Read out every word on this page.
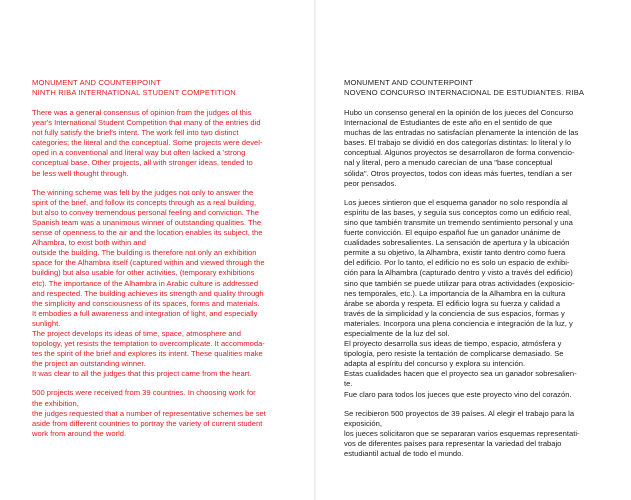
MONUMENT AND COUNTERPOINT

NINTH RIBA INTERNATIONAL STUDENT COMPETITION

There was a general consensus of opinion from the judges of this
year's International Student Competition that many of the entries did
not fully satisfy the brief's intent. The work fell into two distinct
categories; the literal and the conceptual. Some projects were devel-
oped in a conventional and literal way but often lacked a 'strong
conceptual base. Other projects, all with stronger ideas, tended to
be less well thought through.

The winning scheme was felt by the judges not only to answer the
spirit of the brief, and follow its concepts through as a real building,
but also to convey tremendous personal feeling and conviction. The
Spanish team was a unanimous winner of outstanding qualities. The
sense of openness to the air and the location enables its subject, the
Alhambra, to exist both within and
outside the building. The building is therefore not only an exhibition
space for the Alhambra itself (captured within and viewed through the
building) but also usable for other activities, (temporary exhibitions
etc). The importance of the Alhambra in Arabic culture is addressed
and respected. The building achieves its strength and quality through
the simplicity and consciousness of its spaces, forms and materials.
It embodies a full awareness and integration of light, and especially
sunlight.
The project develops its ideas of time, space, atmosphere and
topology, yet resists the temptation to overcomplicate. It accommoda-
tes the spirit of the brief and explores its intent. These qualities make
the project an outstanding winner.
It was clear to all the judges that this project came from the heart.

500 projects were received from 39 countries. In choosing work for
the exhibition,
the judges requested that a number of representative schemes be set
aside from different countries to portray the variety of current student
work from around the world.

MONUMENT AND COUNTERPOINT

NOVENO CONCURSO INTERNACIONAL DE ESTUDIANTES. RIBA

Hubo un consenso general en la opinión de los jueces del Concurso
Internacional de Estudiantes de este año en el sentido de que
muchas de las entradas no satisfacían plenamente la intención de las
bases. El trabajo se dividió en dos categorías distintas: lo literal y lo
conceptual. Algunos proyectos se desarrollaron de forma convencio-
nal y literal, pero a menudo carecían de una "base conceptual
sólida". Otros proyectos, todos con ideas más fuertes, tendían a ser
peor pensados.

Los jueces sintieron que el esquema ganador no solo respondía al
espíritu de las bases, y seguía sus conceptos como un edificio real,
sino que también transmite un tremendo sentimiento personal y una
fuerte convicción. El equipo español fue un ganador unánime de
cualidades sobresalientes. La sensación de apertura y la ubicación
permite a su objetivo, la Alhambra, existir tanto dentro como fuera
del edificio. Por lo tanto, el edificio no es solo un espacio de exhibi-
ción para la Alhambra (capturado dentro y visto a través del edificio)
sino que también se puede utilizar para otras actividades (exposicio-
nes temporales, etc.). La importancia de la Alhambra en la cultura
árabe se aborda y respeta. El edificio logra su fuerza y calidad a
través de la simplicidad y la conciencia de sus espacios, formas y
materiales. Incorpora una plena conciencia e integración de la luz, y
especialmente de la luz del sol.
El proyecto desarrolla sus ideas de tiempo, espacio, atmósfera y
tipología, pero resiste la tentación de complicarse demasiado. Se
adapta al espíritu del concurso y explora su intención.
Estas cualidades hacen que el proyecto sea un ganador sobresalien-
te.
Fue claro para todos los jueces que este proyecto vino del corazón.

Se recibieron 500 proyectos de 39 países. Al elegir el trabajo para la
exposición,
los jueces solicitaron que se separaran varios esquemas representati-
vos de diferentes países para representar la variedad del trabajo
estudiantil actual de todo el mundo.
